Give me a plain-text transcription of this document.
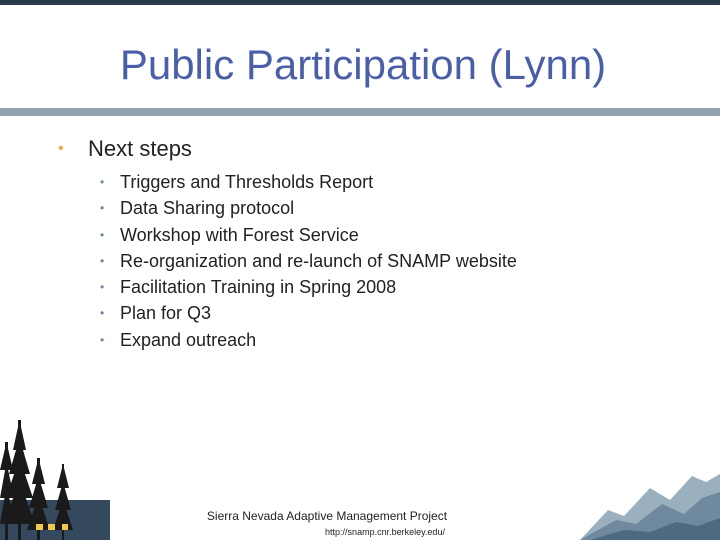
Public Participation (Lynn)
• Next steps
• Triggers and Thresholds Report
• Data Sharing protocol
• Workshop with Forest Service
• Re-organization and re-launch of SNAMP website
• Facilitation Training in Spring 2008
• Plan for Q3
• Expand outreach
Sierra Nevada Adaptive Management Project
http://snamp.cnr.berkeley.edu/
